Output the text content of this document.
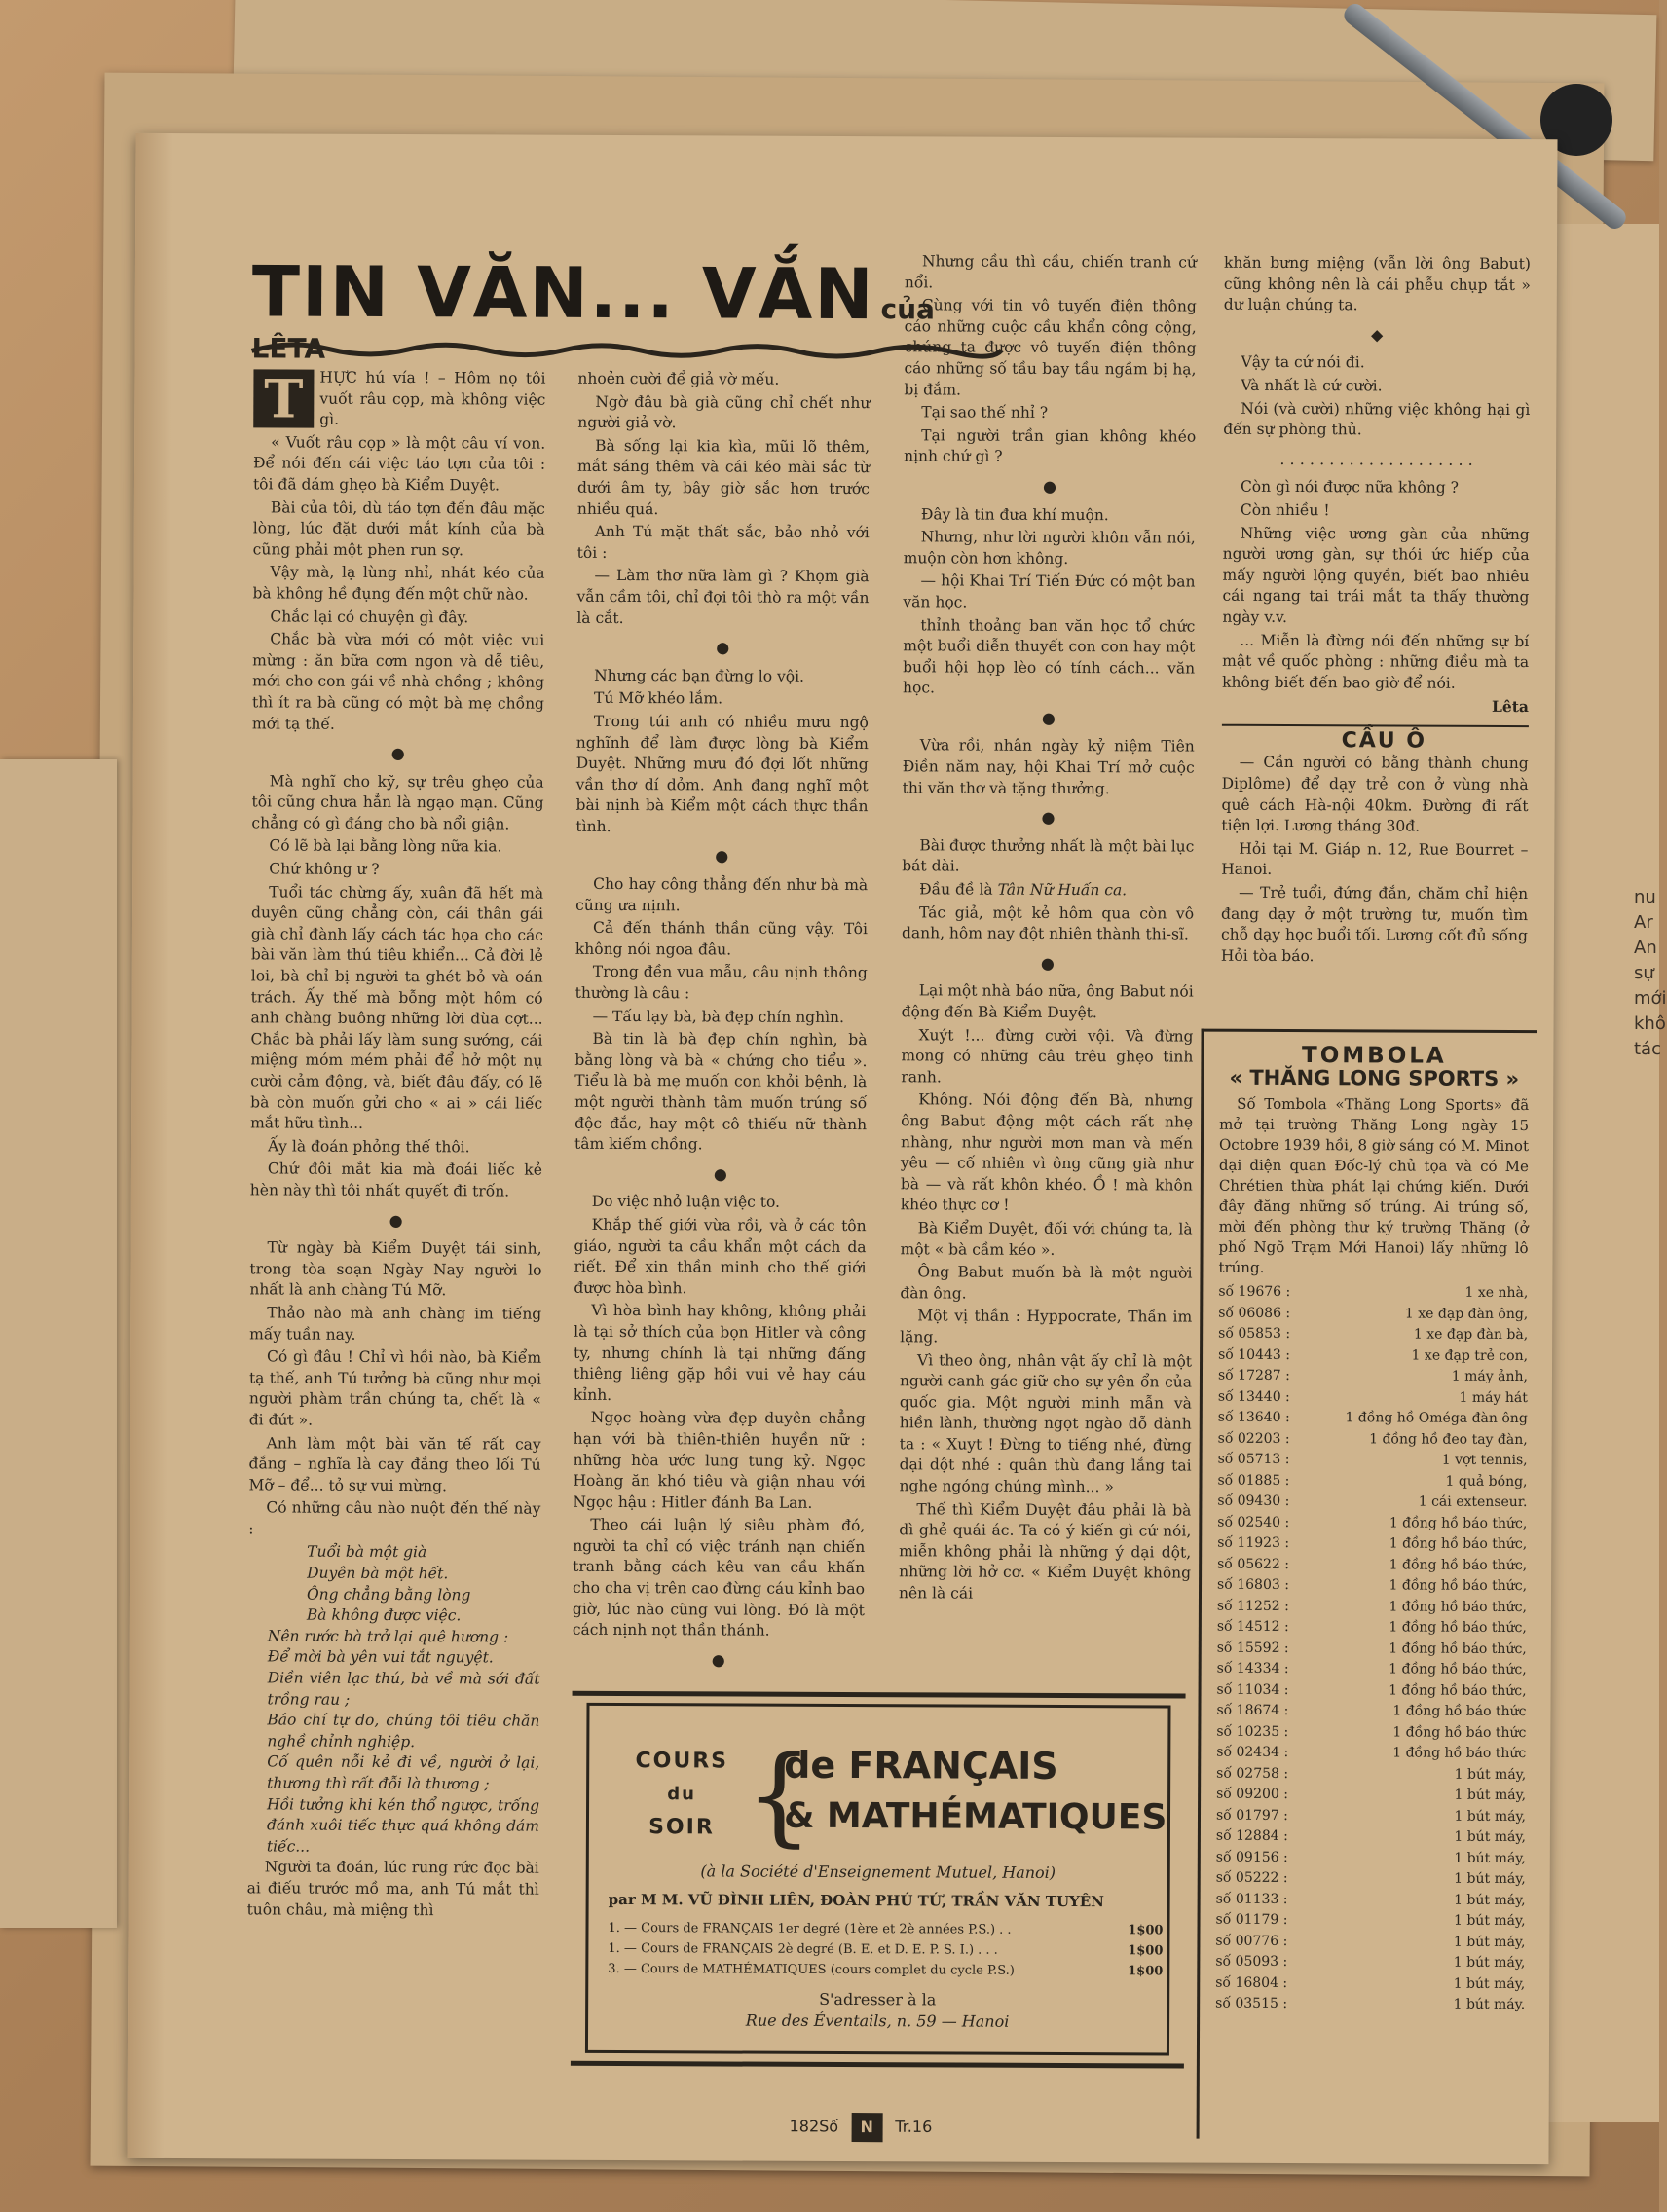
nu
Ar
An
sự
mới
khô
tác
TIN VĂN... VẮN của LÊTA

T	HỰC hú vía ! – Hôm nọ tôi vuốt râu cọp, mà không việc gì.

« Vuốt râu cọp » là một câu ví von. Để nói đến cái việc táo tợn của tôi : tôi đã dám ghẹo bà Kiểm Duyệt.

Bài của tôi, dù táo tợn đến đâu mặc lòng, lúc đặt dưới mắt kính của bà cũng phải một phen run sợ.

Vậy mà, lạ lùng nhỉ, nhát kéo của bà không hề đụng đến một chữ nào.

Chắc lại có chuyện gì đây.

Chắc bà vừa mới có một việc vui mừng : ăn bữa cơm ngon và dễ tiêu, mới cho con gái về nhà chồng ; không thì ít ra bà cũng có một bà mẹ chồng mới tạ thế.

●

Mà nghĩ cho kỹ, sự trêu ghẹo của tôi cũng chưa hẳn là ngạo mạn. Cũng chẳng có gì đáng cho bà nổi giận.

Có lẽ bà lại bằng lòng nữa kia.

Chứ không ư ?

Tuổi tác chừng ấy, xuân đã hết mà duyên cũng chẳng còn, cái thân gái già chỉ đành lấy cách tác họa cho các bài văn làm thú tiêu khiển... Cả đời lẻ loi, bà chỉ bị người ta ghét bỏ và oán trách. Ấy thế mà bỗng một hôm có anh chàng buông những lời đùa cợt... Chắc bà phải lấy làm sung sướng, cái miệng móm mém phải để hở một nụ cười cảm động, và, biết đâu đấy, có lẽ bà còn muốn gửi cho « ai » cái liếc mắt hữu tình...

Ấy là đoán phỏng thế thôi.

Chứ đôi mắt kia mà đoái liếc kẻ hèn này thì tôi nhất quyết đi trốn.

●

Từ ngày bà Kiểm Duyệt tái sinh, trong tòa soạn Ngày Nay người lo nhất là anh chàng Tú Mỡ.

Thảo nào mà anh chàng im tiếng mấy tuần nay.

Có gì đâu ! Chỉ vì hồi nào, bà Kiểm tạ thế, anh Tú tưởng bà cũng như mọi người phàm trần chúng ta, chết là « đi đứt ».

Anh làm một bài văn tế rất cay đắng – nghĩa là cay đắng theo lối Tú Mỡ – để... tỏ sự vui mừng.

Có những câu nào nuột đến thế này :

Tuổi bà một già

Duyên bà một hết.

Ông chẳng bằng lòng

Bà không được việc.

Nên rước bà trở lại quê hương :

Để mời bà yên vui tắt nguyệt.

Điền viên lạc thú, bà về mà sới đất trồng rau ;

Báo chí tự do, chúng tôi tiêu chăn nghề chỉnh nghiệp.

Cố quên nỗi kẻ đi về, người ở lại, thương thì rất đỗi là thương ;

Hồi tưởng khi kén thổ ngược, trống đánh xuôi tiếc thực quá không dám tiếc...

Người ta đoán, lúc rung rức đọc bài ai điếu trước mồ ma, anh Tú mắt thì tuôn châu, mà miệng thì

nhoẻn cười để giả vờ mếu.

Ngờ đâu bà già cũng chỉ chết như người giả vờ.

Bà sống lại kia kìa, mũi lõ thêm, mắt sáng thêm và cái kéo mài sắc từ dưới âm ty, bây giờ sắc hơn trước nhiều quá.

Anh Tú mặt thất sắc, bảo nhỏ với tôi :

— Làm thơ nữa làm gì ? Khọm già vẫn cầm tôi, chỉ đợi tôi thò ra một vần là cắt.

●

Nhưng các bạn đừng lo vội.

Tú Mỡ khéo lắm.

Trong túi anh có nhiều mưu ngộ nghĩnh để làm được lòng bà Kiểm Duyệt. Những mưu đó đợi lốt những vần thơ dí dỏm. Anh đang nghĩ một bài nịnh bà Kiểm một cách thực thần tình.

●

Cho hay công thẳng đến như bà mà cũng ưa nịnh.

Cả đến thánh thần cũng vậy. Tôi không nói ngoa đâu.

Trong đền vua mẫu, câu nịnh thông thường là câu :

— Tấu lạy bà, bà đẹp chín nghìn.

Bà tin là bà đẹp chín nghìn, bà bằng lòng và bà « chứng cho tiểu ». Tiểu là bà mẹ muốn con khỏi bệnh, là một người thành tâm muốn trúng số độc đắc, hay một cô thiếu nữ thành tâm kiếm chồng.

●

Do việc nhỏ luận việc to.

Khắp thế giới vừa rồi, và ở các tôn giáo, người ta cầu khẩn một cách da riết. Để xin thần minh cho thế giới được hòa bình.

Vì hòa bình hay không, không phải là tại sở thích của bọn Hitler và công ty, nhưng chính là tại những đấng thiêng liêng gặp hồi vui vẻ hay cáu kỉnh.

Ngọc hoàng vừa đẹp duyên chẳng hạn với bà thiên-thiên huyền nữ : những hòa ước lung tung kỷ. Ngọc Hoàng ăn khó tiêu và giận nhau với Ngọc hậu : Hitler đánh Ba Lan.

Theo cái luận lý siêu phàm đó, người ta chỉ có việc tránh nạn chiến tranh bằng cách kêu van cầu khấn cho cha vị trên cao đừng cáu kỉnh bao giờ, lúc nào cũng vui lòng. Đó là một cách nịnh nọt thần thánh.

●

Nhưng cầu thì cầu, chiến tranh cứ nổi.

Cùng với tin vô tuyến điện thông cáo những cuộc cầu khẩn công cộng, chúng ta được vô tuyến điện thông cáo những số tầu bay tầu ngầm bị hạ, bị đắm.

Tại sao thế nhỉ ?

Tại người trần gian không khéo nịnh chứ gì ?

●

Đây là tin đưa khí muộn.

Nhưng, như lời người khôn vẫn nói, muộn còn hơn không.

— hội Khai Trí Tiến Đức có một ban văn học.

thỉnh thoảng ban văn học tổ chức một buổi diễn thuyết con con hay một buổi hội họp lèo có tính cách... văn học.

●

Vừa rồi, nhân ngày kỷ niệm Tiên Điền năm nay, hội Khai Trí mở cuộc thi văn thơ và tặng thưởng.

●

Bài được thưởng nhất là một bài lục bát dài.

Đầu đề là Tân Nữ Huấn ca.

Tác giả, một kẻ hôm qua còn vô danh, hôm nay đột nhiên thành thi-sĩ.

●

Lại một nhà báo nữa, ông Babut nói động đến Bà Kiểm Duyệt.

Xuýt !... đừng cười vội. Và đừng mong có những câu trêu ghẹo tinh ranh.

Không. Nói động đến Bà, nhưng ông Babut động một cách rất nhẹ nhàng, như người mơn man và mến yêu — cố nhiên vì ông cũng già như bà — và rất khôn khéo. Ồ ! mà khôn khéo thực cơ !

Bà Kiểm Duyệt, đối với chúng ta, là một « bà cầm kéo ».

Ông Babut muốn bà là một người đàn ông.

Một vị thần : Hyppocrate, Thần im lặng.

Vì theo ông, nhân vật ấy chỉ là một người canh gác giữ cho sự yên ổn của quốc gia. Một người minh mẫn và hiền lành, thường ngọt ngào dỗ dành ta : « Xuyt ! Đừng to tiếng nhé, đừng dại dột nhé : quân thù đang lắng tai nghe ngóng chúng mình... »

Thế thì Kiểm Duyệt đâu phải là bà dì ghẻ quái ác. Ta có ý kiến gì cứ nói, miễn không phải là những ý dại dột, những lời hở cơ. « Kiểm Duyệt không nên là cái

khăn bưng miệng (vẫn lời ông Babut) cũng không nên là cái phễu chụp tắt » dư luận chúng ta.

◆

Vậy ta cứ nói đi.

Và nhất là cứ cười.

Nói (và cười) những việc không hại gì đến sự phòng thủ.

. . . . . . . . . . . . . . . . . . . .

Còn gì nói được nữa không ?

Còn nhiều !

Những việc ương gàn của những người ương gàn, sự thói ức hiếp của mấy người lộng quyền, biết bao nhiêu cái ngang tai trái mắt ta thấy thường ngày v.v.

... Miễn là đừng nói đến những sự bí mật về quốc phòng : những điều mà ta không biết đến bao giờ để nói.

Lêta

CẦU Ô

— Cần người có bằng thành chung Diplôme) để dạy trẻ con ở vùng nhà quê cách Hà-nội 40km. Đường đi rất tiện lợi. Lương tháng 30đ.

Hỏi tại M. Giáp n. 12, Rue Bourret – Hanoi.

— Trẻ tuổi, đứng đắn, chăm chỉ hiện đang dạy ở một trường tư, muốn tìm chỗ dạy học buổi tối. Lương cốt đủ sống Hỏi tòa báo.

TOMBOLA
« THĂNG LONG SPORTS »

Số Tombola «Thăng Long Sports» đã mở tại trường Thăng Long ngày 15 Octobre 1939 hồi, 8 giờ sáng có M. Minot đại diện quan Đốc-lý chủ tọa và có Me Chrétien thừa phát lại chứng kiến. Dưới đây đăng những số trúng. Ai trúng số, mời đến phòng thư ký trường Thăng (ở phố Ngõ Trạm Mới Hanoi) lấy những lô trúng.

số 19676 :	1 xe nhà,
số 06086 :	1 xe đạp đàn ông,
số 05853 :	1 xe đạp đàn bà,
số 10443 :	1 xe đạp trẻ con,
số 17287 :	1 máy ảnh,
số 13440 :	1 máy hát
số 13640 :	1 đồng hồ Oméga đàn ông
số 02203 :	1 đồng hồ đeo tay đàn,
số 05713 :	1 vợt tennis,
số 01885 :	1 quả bóng,
số 09430 :	1 cái extenseur.
số 02540 :	1 đồng hồ báo thức,
số 11923 :	1 đồng hồ báo thức,
số 05622 :	1 đồng hồ báo thức,
số 16803 :	1 đồng hồ báo thức,
số 11252 :	1 đồng hồ báo thức,
số 14512 :	1 đồng hồ báo thức,
số 15592 :	1 đồng hồ báo thức,
số 14334 :	1 đồng hồ báo thức,
số 11034 :	1 đồng hồ báo thức,
số 18674 :	1 đồng hồ báo thức
số 10235 :	1 đồng hồ báo thức
số 02434 :	1 đồng hồ báo thức
số 02758 :	1 bút máy,
số 09200 :	1 bút máy,
số 01797 :	1 bút máy,
số 12884 :	1 bút máy,
số 09156 :	1 bút máy,
số 05222 :	1 bút máy,
số 01133 :	1 bút máy,
số 01179 :	1 bút máy,
số 00776 :	1 bút máy,
số 05093 :	1 bút máy,
số 16804 :	1 bút máy,
số 03515 :	1 bút máy.
COURS
du
SOIR {
de FRANÇAIS
& MATHÉMATIQUES
(à la Société d'Enseignement Mutuel, Hanoi)
par M M. VŨ ĐÌNH LIÊN, ĐOÀN PHÚ TỨ, TRẦN VĂN TUYÊN
1. — Cours de FRANÇAIS 1er degré (1ère et 2è années P.S.) . .	1$00
1. — Cours de FRANÇAIS 2è degré (B. E. et D. E. P. S. I.) . . .	1$00
3. — Cours de MATHÉMATIQUES (cours complet du cycle P.S.)	1$00
S'adresser à la
Rue des Éventails, n. 59 — Hanoi
182Số N Tr.16
